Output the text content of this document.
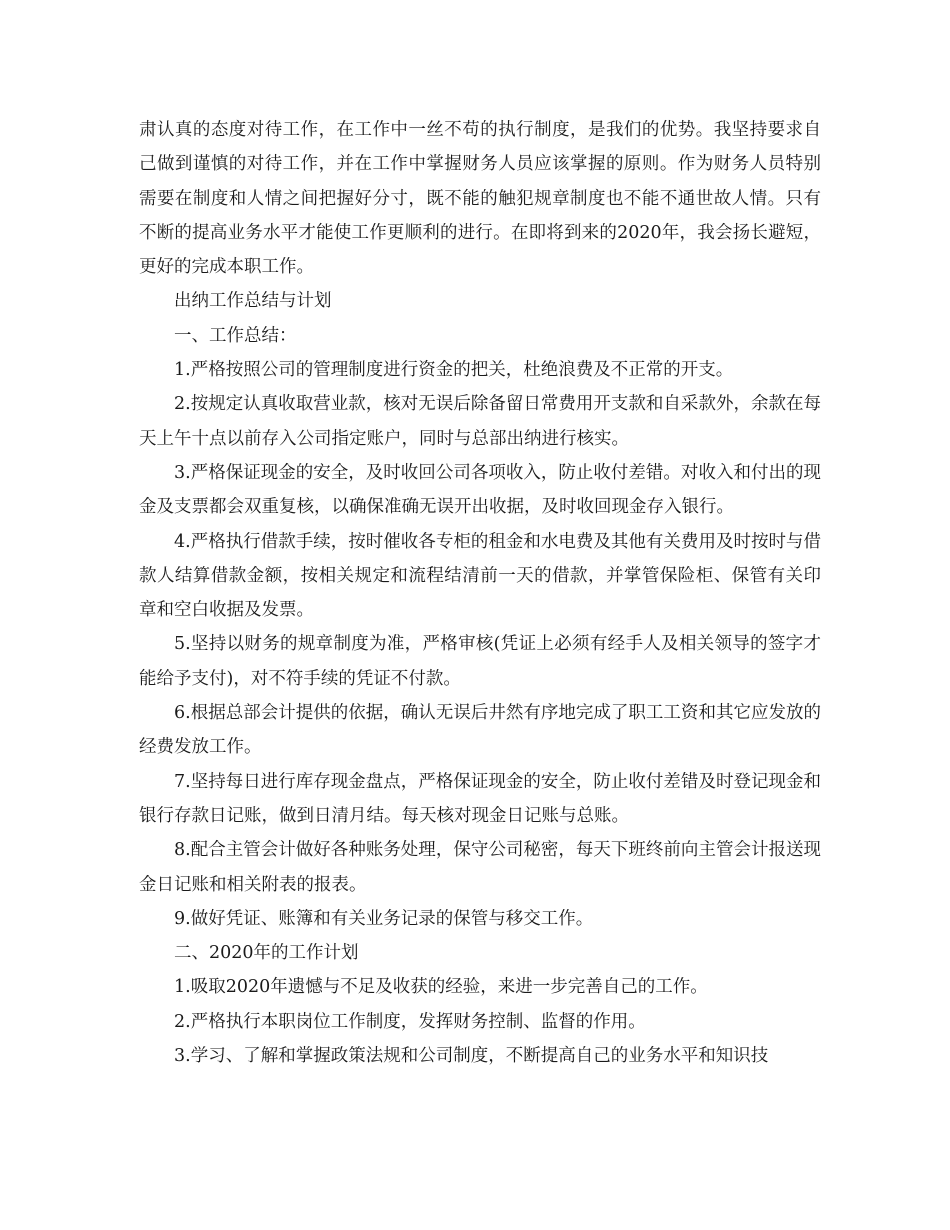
肃认真的态度对待工作，在工作中一丝不苟的执行制度，是我们的优势。我坚持要求自己做到谨慎的对待工作，并在工作中掌握财务人员应该掌握的原则。作为财务人员特别需要在制度和人情之间把握好分寸，既不能的触犯规章制度也不能不通世故人情。只有不断的提高业务水平才能使工作更顺利的进行。在即将到来的2020年，我会扬长避短，更好的完成本职工作。

出纳工作总结与计划

一、工作总结：

1.严格按照公司的管理制度进行资金的把关，杜绝浪费及不正常的开支。

2.按规定认真收取营业款，核对无误后除备留日常费用开支款和自采款外，余款在每天上午十点以前存入公司指定账户，同时与总部出纳进行核实。

3.严格保证现金的安全，及时收回公司各项收入，防止收付差错。对收入和付出的现金及支票都会双重复核，以确保准确无误开出收据，及时收回现金存入银行。

4.严格执行借款手续，按时催收各专柜的租金和水电费及其他有关费用及时按时与借款人结算借款金额，按相关规定和流程结清前一天的借款，并掌管保险柜、保管有关印章和空白收据及发票。

5.坚持以财务的规章制度为准，严格审核(凭证上必须有经手人及相关领导的签字才能给予支付)，对不符手续的凭证不付款。

6.根据总部会计提供的依据，确认无误后井然有序地完成了职工工资和其它应发放的经费发放工作。

7.坚持每日进行库存现金盘点，严格保证现金的安全，防止收付差错及时登记现金和银行存款日记账，做到日清月结。每天核对现金日记账与总账。

8.配合主管会计做好各种账务处理，保守公司秘密，每天下班终前向主管会计报送现金日记账和相关附表的报表。

9.做好凭证、账簿和有关业务记录的保管与移交工作。

二、2020年的工作计划

1.吸取2020年遗憾与不足及收获的经验，来进一步完善自己的工作。

2.严格执行本职岗位工作制度，发挥财务控制、监督的作用。

3.学习、了解和掌握政策法规和公司制度，不断提高自己的业务水平和知识技
